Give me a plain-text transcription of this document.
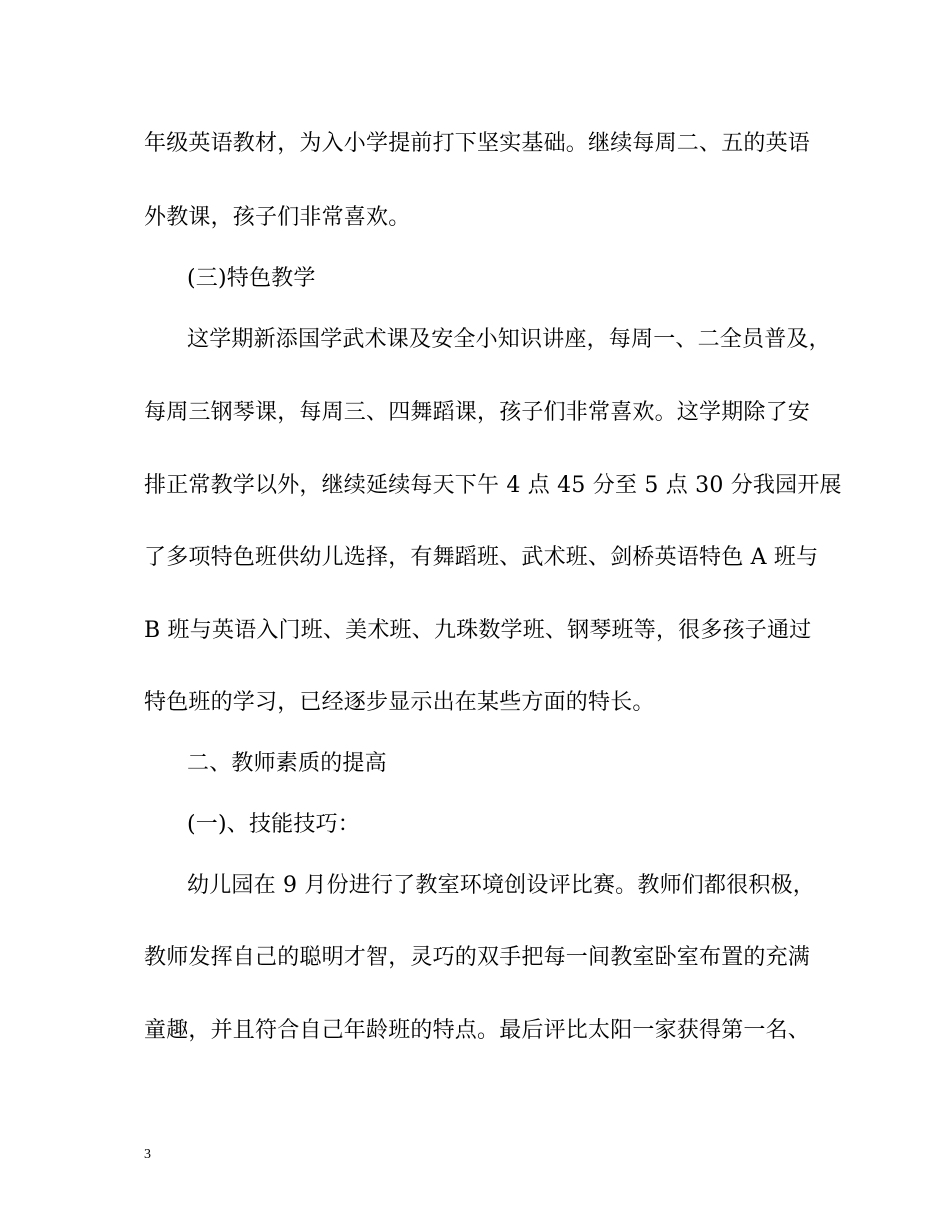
年级英语教材，为入小学提前打下坚实基础。继续每周二、五的英语
外教课，孩子们非常喜欢。
(三)特色教学
这学期新添国学武术课及安全小知识讲座，每周一、二全员普及，
每周三钢琴课，每周三、四舞蹈课，孩子们非常喜欢。这学期除了安
排正常教学以外，继续延续每天下午 4 点 45 分至 5 点 30 分我园开展
了多项特色班供幼儿选择，有舞蹈班、武术班、剑桥英语特色 A 班与
B 班与英语入门班、美术班、九珠数学班、钢琴班等，很多孩子通过
特色班的学习，已经逐步显示出在某些方面的特长。
二、教师素质的提高
(一)、技能技巧：
幼儿园在 9 月份进行了教室环境创设评比赛。教师们都很积极，
教师发挥自己的聪明才智，灵巧的双手把每一间教室卧室布置的充满
童趣，并且符合自己年龄班的特点。最后评比太阳一家获得第一名、
3
